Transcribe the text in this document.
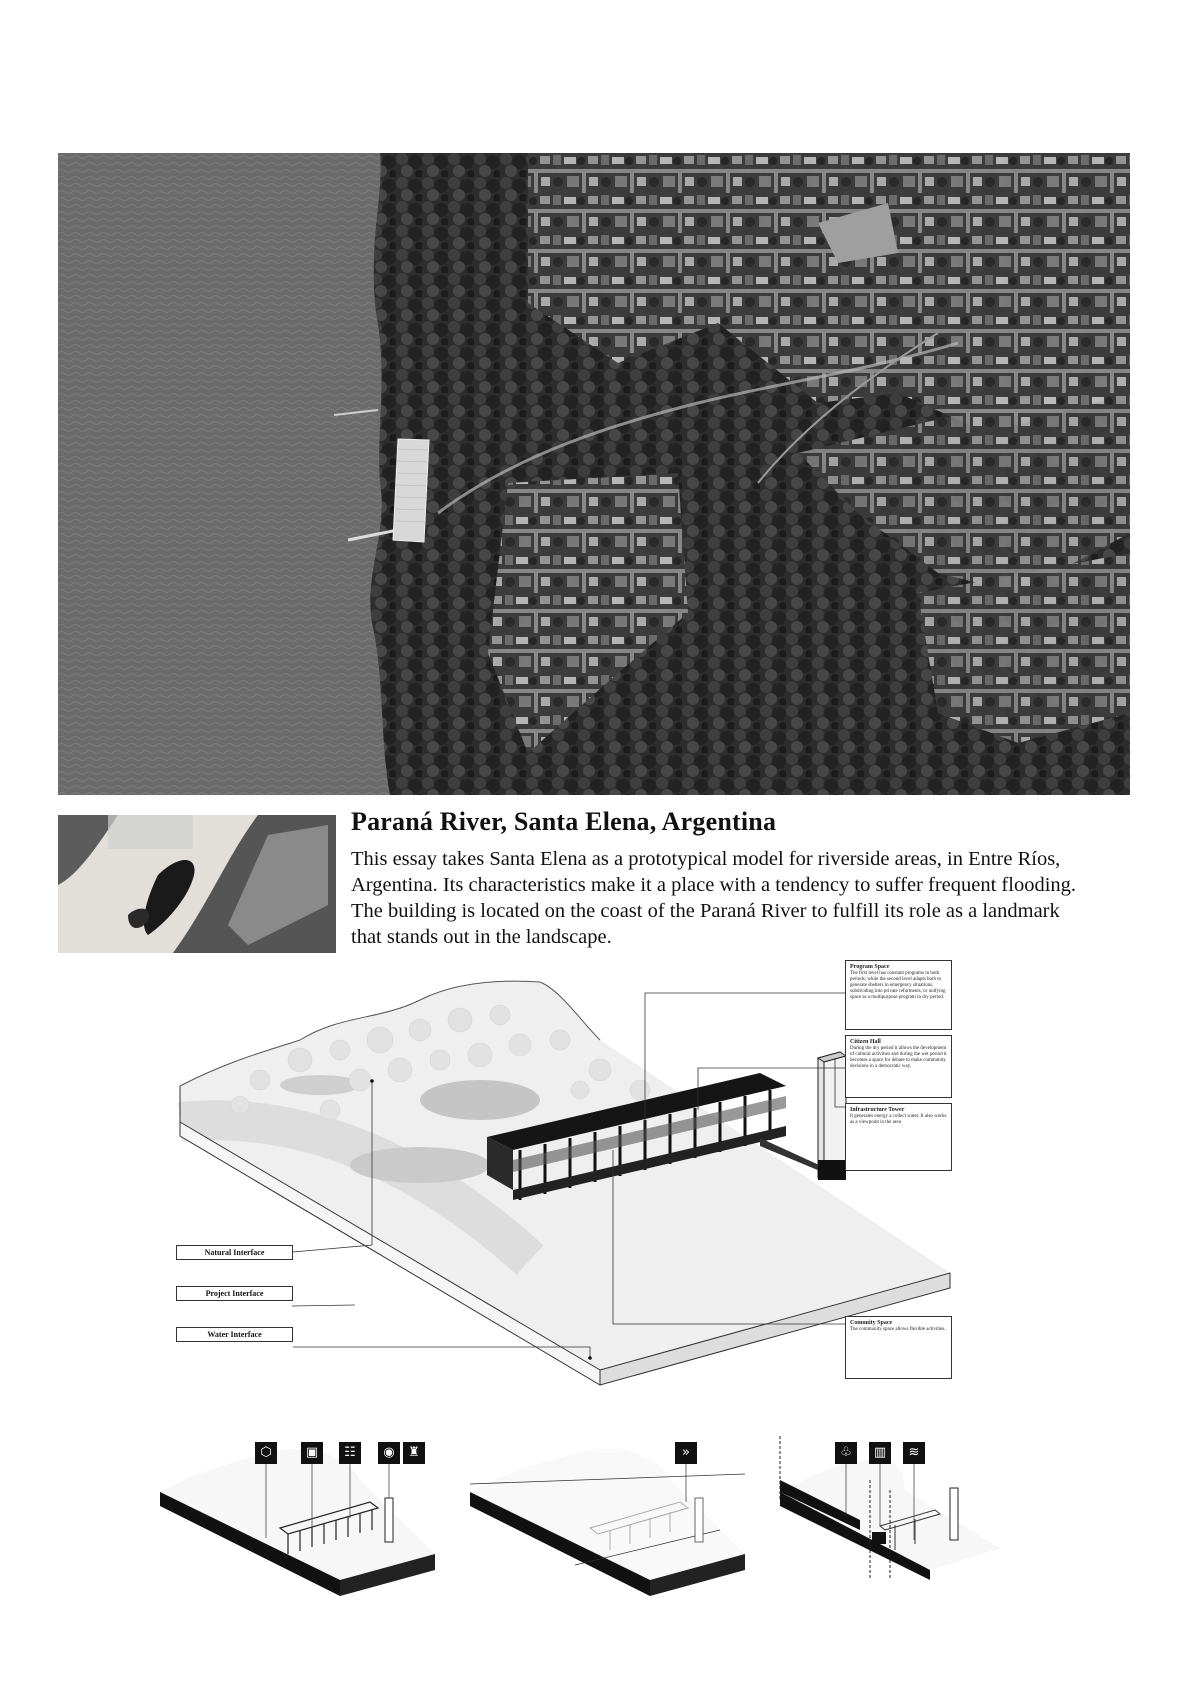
Paraná River, Santa Elena, Argentina

This essay takes Santa Elena as a prototypical model for riverside areas, in Entre Ríos,

Argentina. Its characteristics make it a place with a tendency to suffer frequent flooding.

The building is located on the coast of the Paraná River to fulfill its role as a landmark

that stands out in the landscape.

Program Space
The first level has constant programs in both periods, while the second level adapts both to generate shelters in emergency situations, subdividing into private refurments, or unifying space as a multipurpose program in dry period.
Citizen Hall
During the dry period it allows the development of cultural activities and during the wet period it becomes a space for debate to make community decisions in a democratic way.
Infrastructure Tower
It generates energy a collect water. It also works as a viewpoint in the area
Comunity Space
The community space allows flexible activities.
Natural Interface
Project Interface
Water Interface
⬡	▣	☷	◉	♜	»	♧	▥	≋
